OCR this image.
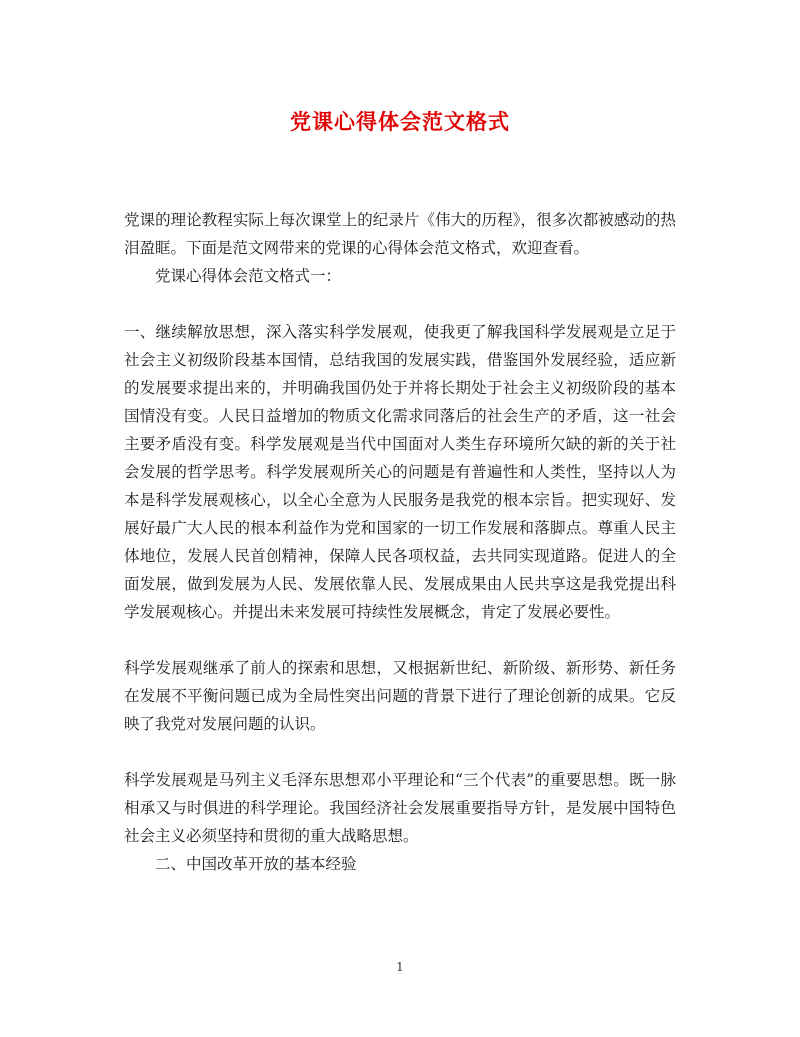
党课心得体会范文格式

党课的理论教程实际上每次课堂上的纪录片《伟大的历程》，很多次都被感动的热泪盈眶。下面是范文网带来的党课的心得体会范文格式，欢迎查看。

党课心得体会范文格式一：

一、继续解放思想，深入落实科学发展观，使我更了解我国科学发展观是立足于社会主义初级阶段基本国情，总结我国的发展实践，借鉴国外发展经验，适应新的发展要求提出来的，并明确我国仍处于并将长期处于社会主义初级阶段的基本国情没有变。人民日益增加的物质文化需求同落后的社会生产的矛盾，这一社会主要矛盾没有变。科学发展观是当代中国面对人类生存环境所欠缺的新的关于社会发展的哲学思考。科学发展观所关心的问题是有普遍性和人类性，坚持以人为本是科学发展观核心，以全心全意为人民服务是我党的根本宗旨。把实现好、发展好最广大人民的根本利益作为党和国家的一切工作发展和落脚点。尊重人民主体地位，发展人民首创精神，保障人民各项权益，去共同实现道路。促进人的全面发展，做到发展为人民、发展依靠人民、发展成果由人民共享这是我党提出科学发展观核心。并提出未来发展可持续性发展概念，肯定了发展必要性。

科学发展观继承了前人的探索和思想，又根据新世纪、新阶级、新形势、新任务在发展不平衡问题已成为全局性突出问题的背景下进行了理论创新的成果。它反映了我党对发展问题的认识。

科学发展观是马列主义毛泽东思想邓小平理论和“三个代表”的重要思想。既一脉相承又与时俱进的科学理论。我国经济社会发展重要指导方针，是发展中国特色社会主义必须坚持和贯彻的重大战略思想。

二、中国改革开放的基本经验

1
